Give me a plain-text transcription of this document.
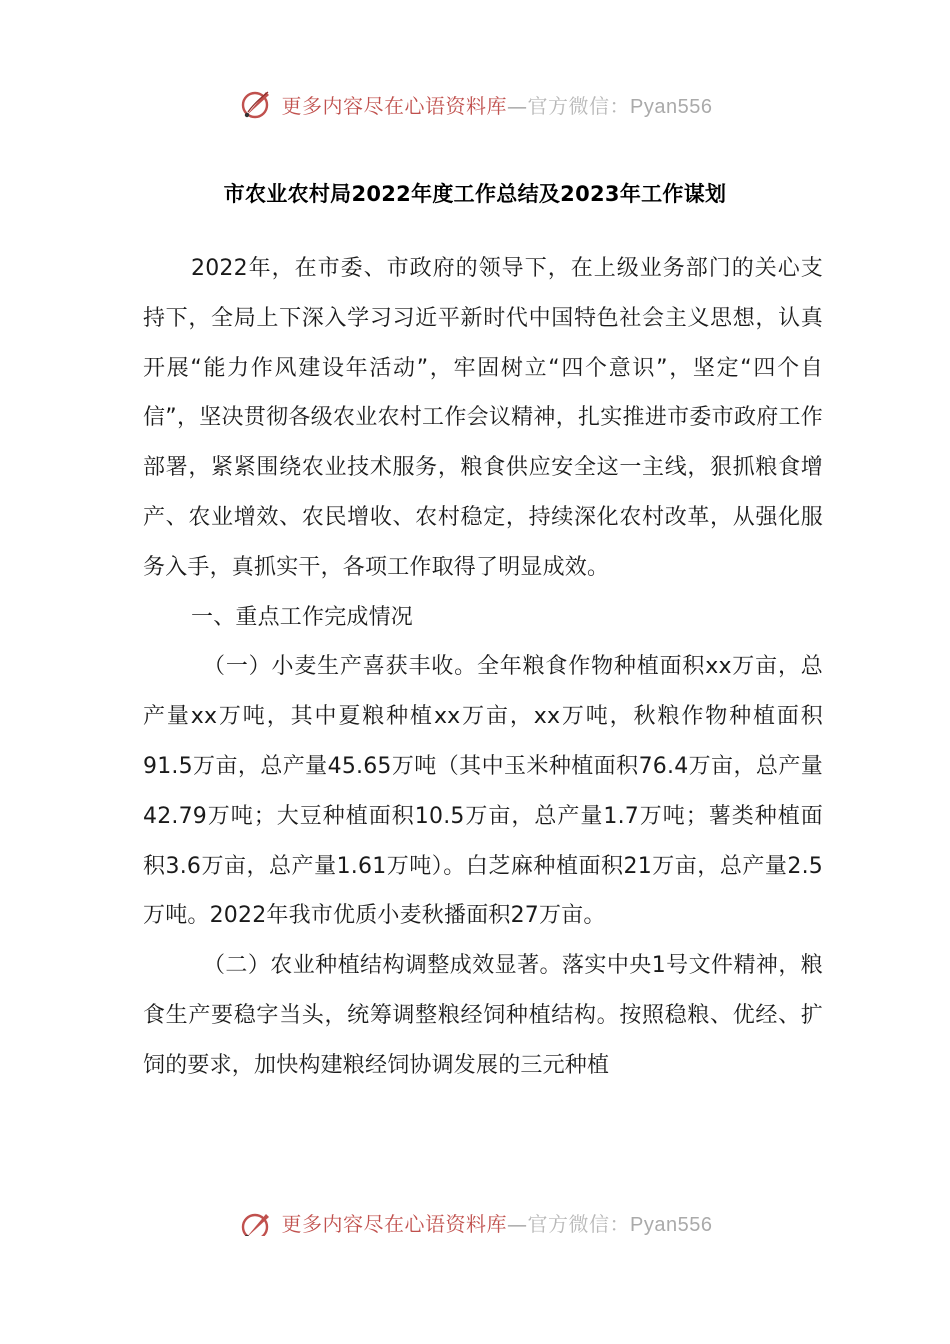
更多内容尽在心语资料库—官方微信：Pyan556
市农业农村局2022年度工作总结及2023年工作谋划

2022年，在市委、市政府的领导下，在上级业务部门的关心支持下，全局上下深入学习习近平新时代中国特色社会主义思想，认真开展“能力作风建设年活动”，牢固树立“四个意识”，坚定“四个自信”，坚决贯彻各级农业农村工作会议精神，扎实推进市委市政府工作部署，紧紧围绕农业技术服务，粮食供应安全这一主线，狠抓粮食增产、农业增效、农民增收、农村稳定，持续深化农村改革，从强化服务入手，真抓实干，各项工作取得了明显成效。

一、重点工作完成情况

（一）小麦生产喜获丰收。全年粮食作物种植面积xx万亩，总产量xx万吨，其中夏粮种植xx万亩，xx万吨，秋粮作物种植面积91.5万亩，总产量45.65万吨（其中玉米种植面积76.4万亩，总产量42.79万吨；大豆种植面积10.5万亩，总产量1.7万吨；薯类种植面积3.6万亩，总产量1.61万吨）。白芝麻种植面积21万亩，总产量2.5万吨。2022年我市优质小麦秋播面积27万亩。

（二）农业种植结构调整成效显著。落实中央1号文件精神，粮食生产要稳字当头，统筹调整粮经饲种植结构。按照稳粮、优经、扩饲的要求，加快构建粮经饲协调发展的三元种植

更多内容尽在心语资料库—官方微信：Pyan556
